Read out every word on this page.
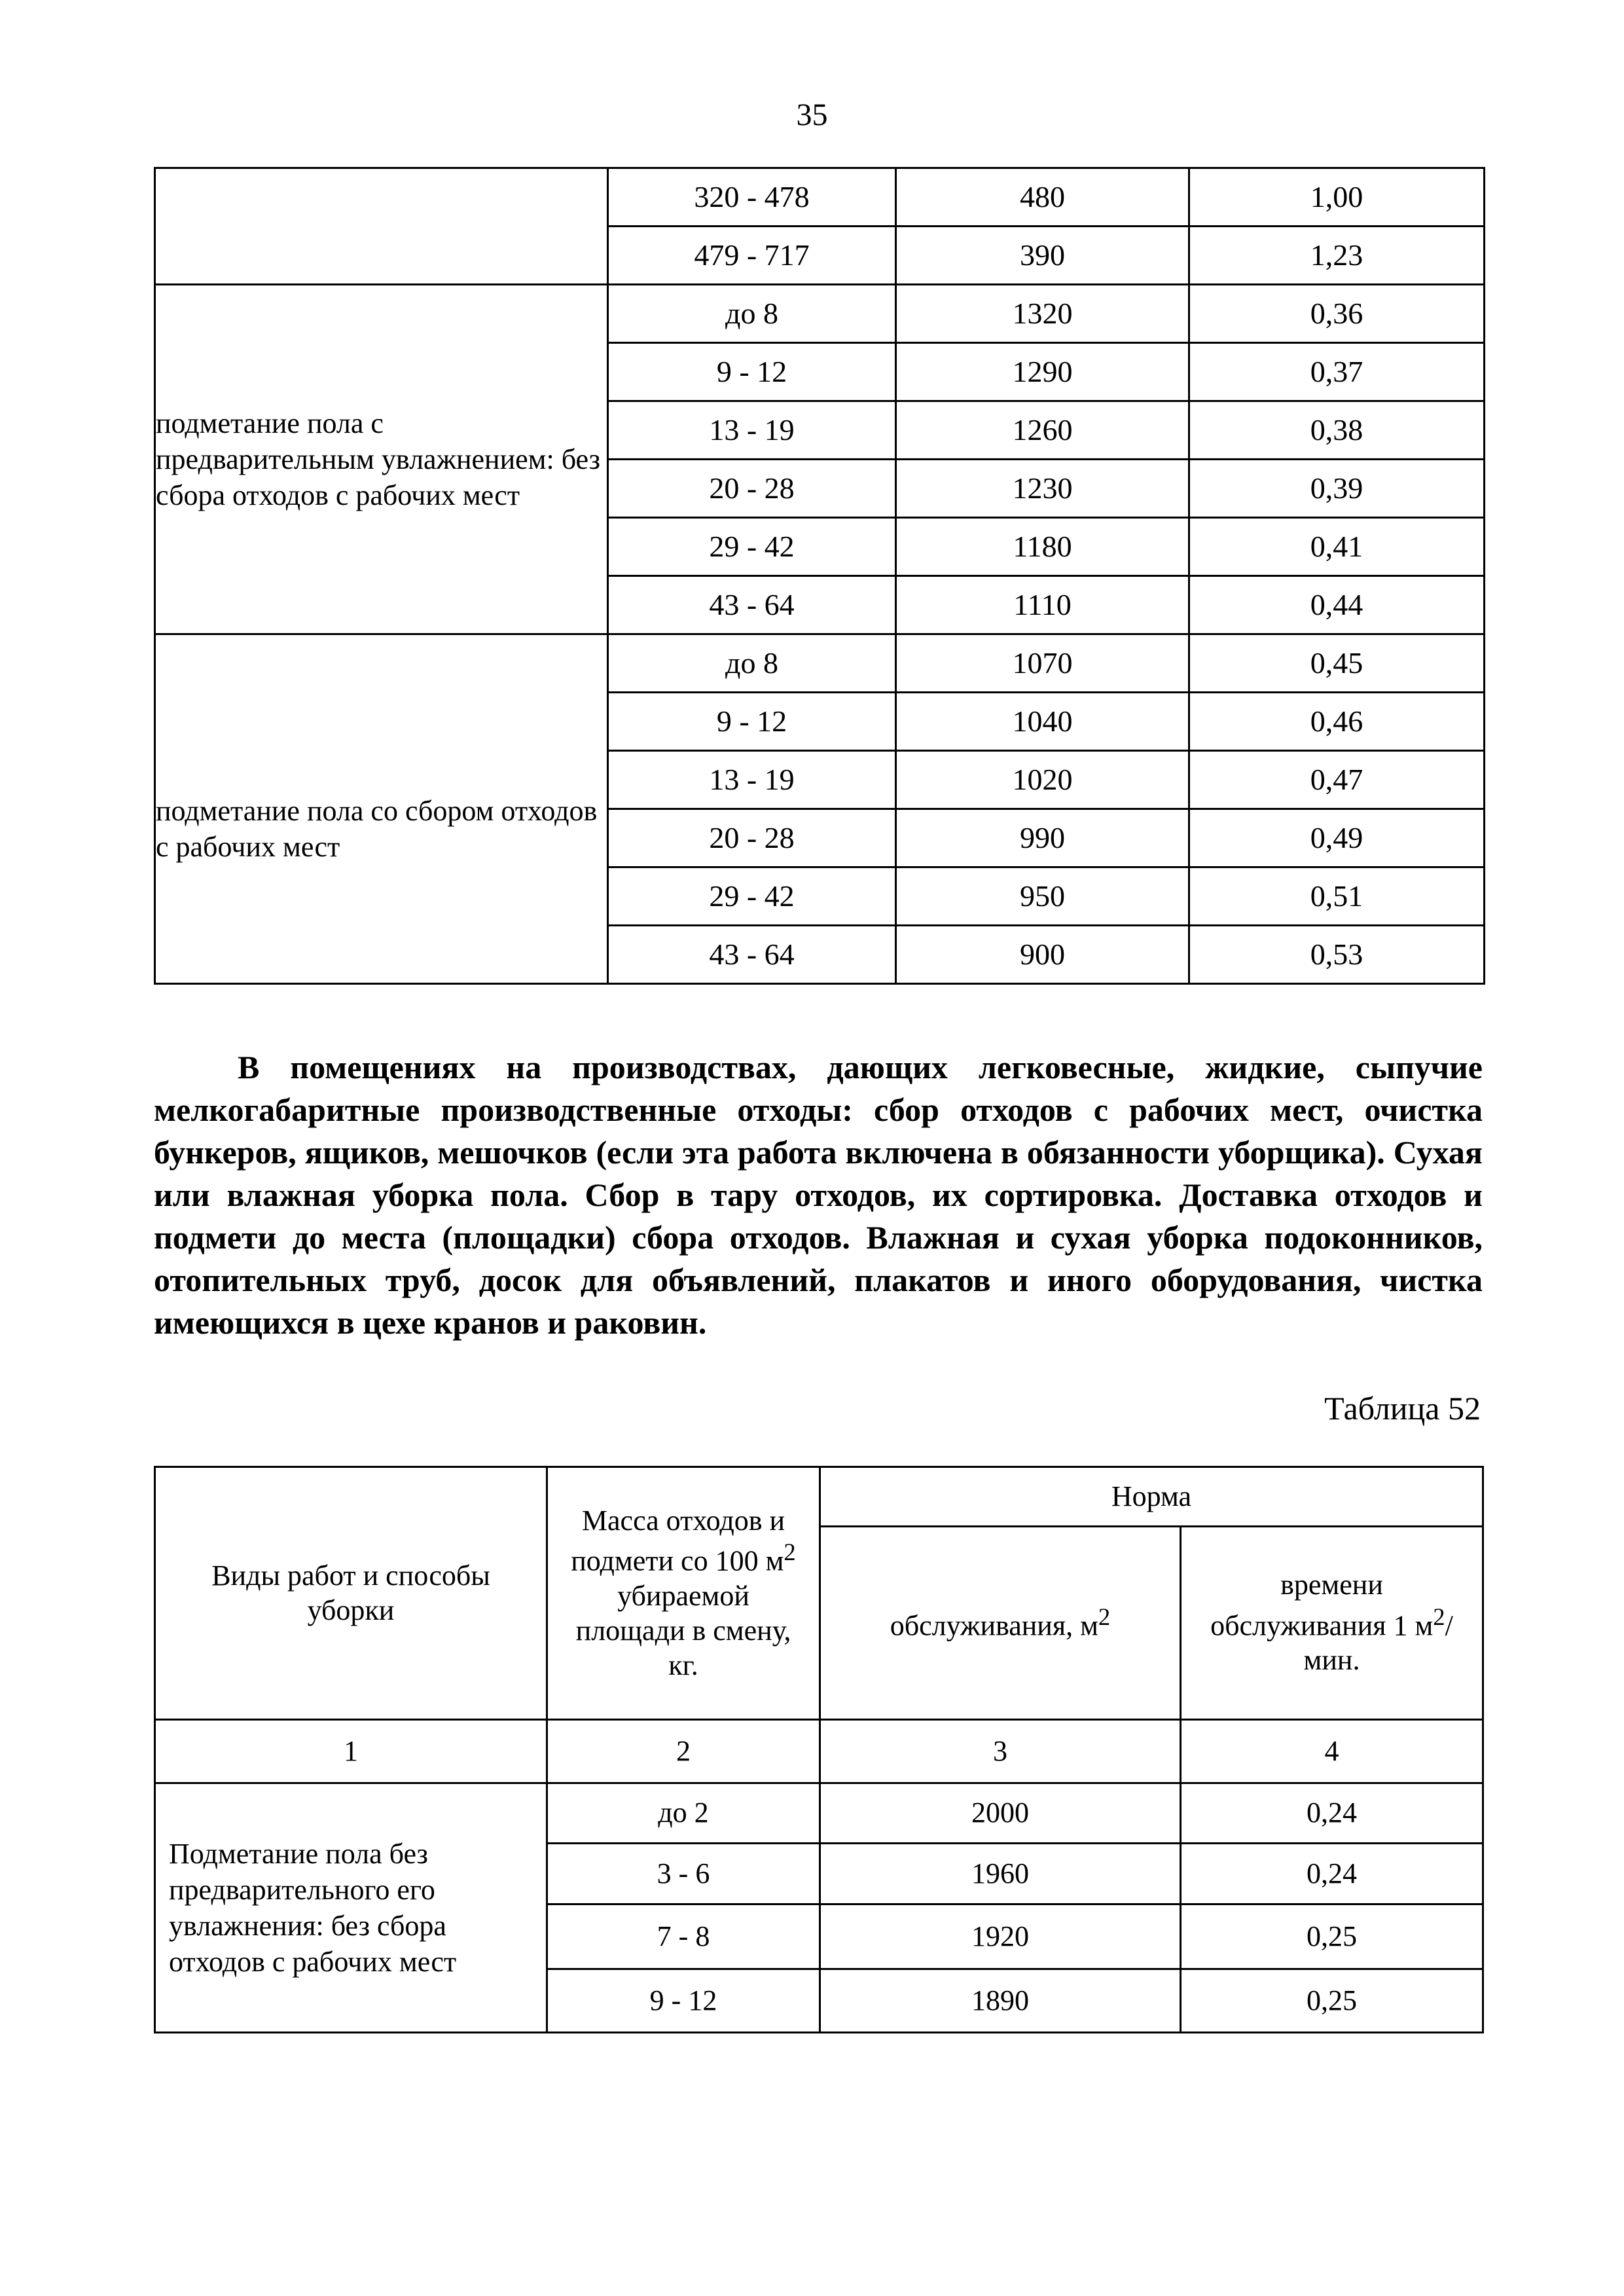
35
	320 - 478	480	1,00
	479 - 717	390	1,23
подметание пола с предварительным увлажнением: без сбора отходов с рабочих мест	до 8	1320	0,36
	9 - 12	1290	0,37
	13 - 19	1260	0,38
	20 - 28	1230	0,39
	29 - 42	1180	0,41
	43 - 64	1110	0,44
подметание пола со сбором отходов с рабочих мест	до 8	1070	0,45
	9 - 12	1040	0,46
	13 - 19	1020	0,47
	20 - 28	990	0,49
	29 - 42	950	0,51
	43 - 64	900	0,53
В помещениях на производствах, дающих легковесные, жидкие, сыпучие мелкогабаритные производственные отходы: сбор отходов с рабочих мест, очистка бункеров, ящиков, мешочков (если эта работа включена в обязанности уборщика). Сухая или влажная уборка пола. Сбор в тару отходов, их сортировка. Доставка отходов и подмети до места (площадки) сбора отходов. Влажная и сухая уборка подоконников, отопительных труб, досок для объявлений, плакатов и иного оборудования, чистка имеющихся в цехе кранов и раковин.
Таблица 52
Виды работ и способы уборки	Масса отходов и подмети со 100 $м^2$ убираемой площади в смену, кг.	Норма	
		обслуживания, $м^2$	времени обслуживания 1 $м^2$/мин.
1	2	3	4
Подметание пола без предварительного его увлажнения: без сбора отходов с рабочих мест	до 2	2000	0,24
	3 - 6	1960	0,24
	7 - 8	1920	0,25
	9 - 12	1890	0,25
